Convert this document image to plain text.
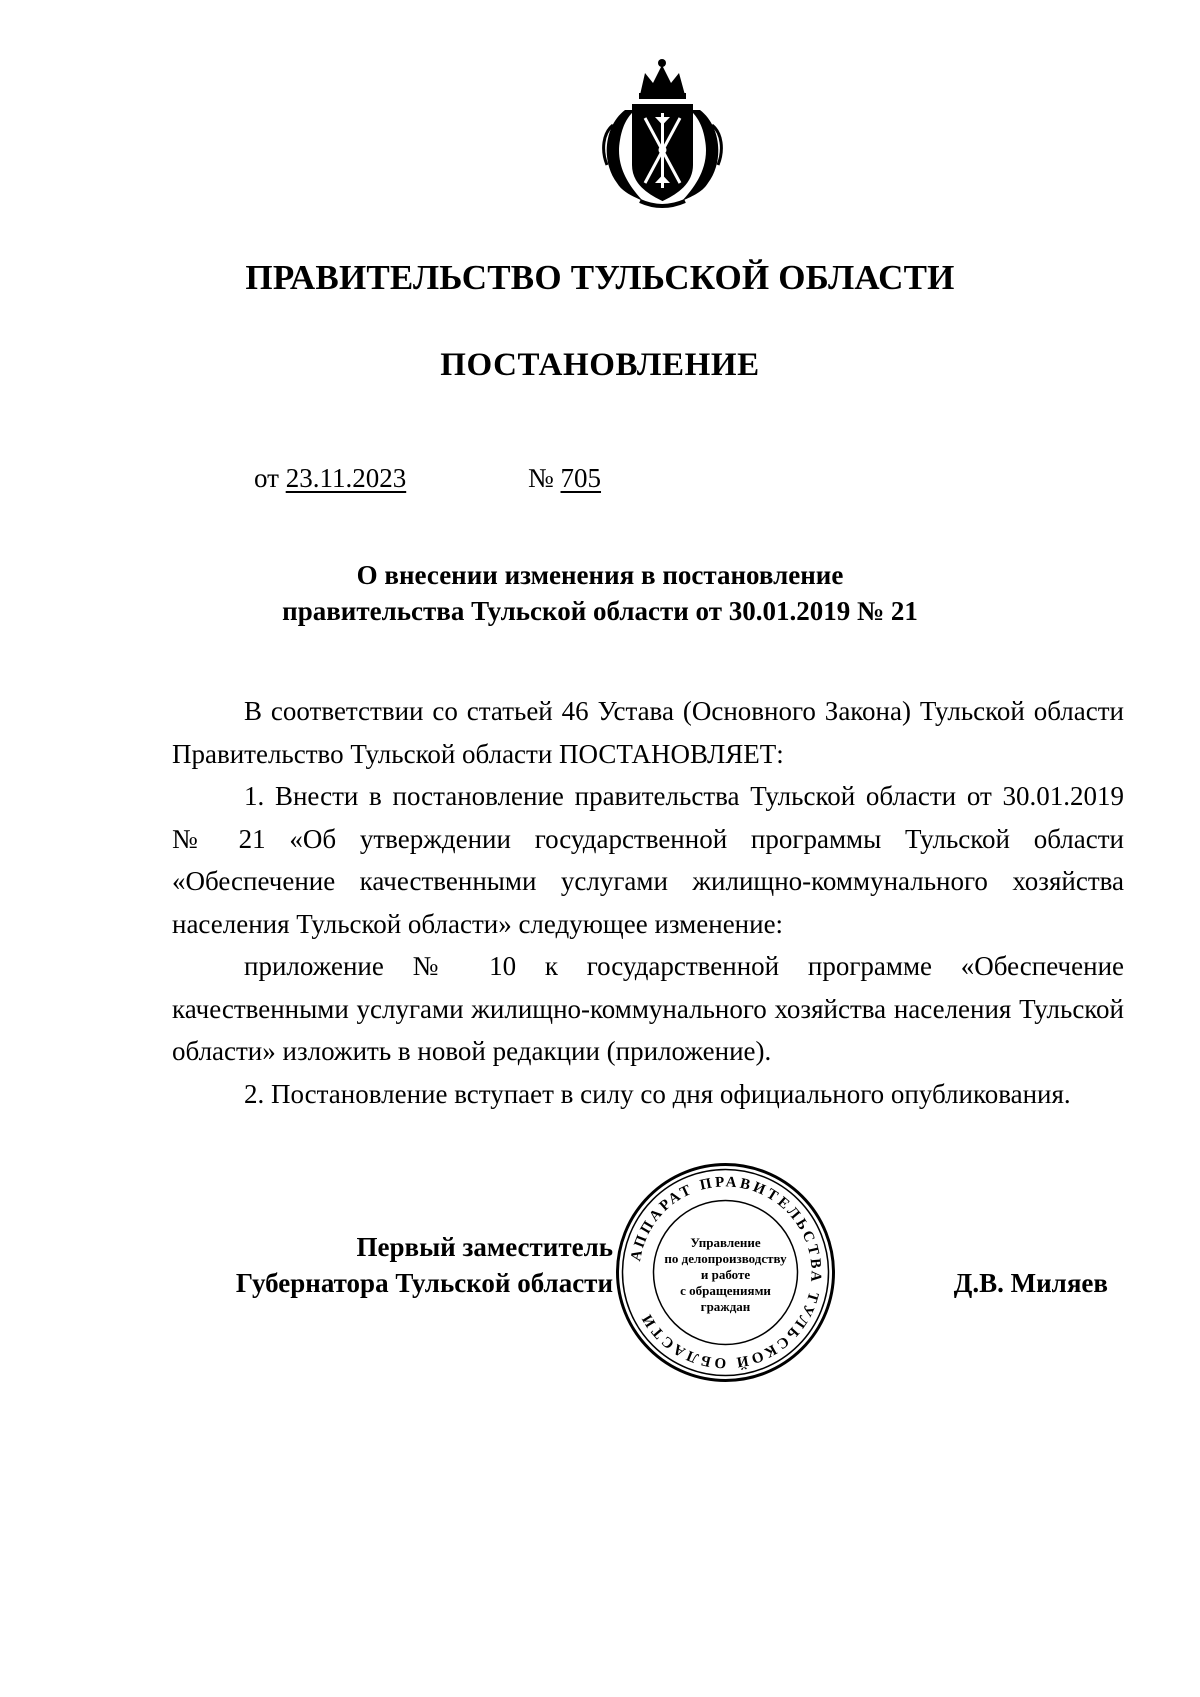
ПРАВИТЕЛЬСТВО ТУЛЬСКОЙ ОБЛАСТИ
ПОСТАНОВЛЕНИЕ
от 23.11.2023	№ 705
О внесении изменения в постановление
правительства Тульской области от 30.01.2019 № 21

В соответствии со статьей 46 Устава (Основного Закона) Тульской области Правительство Тульской области ПОСТАНОВЛЯЕТ:

1. Внести в постановление правительства Тульской области от 30.01.2019 № 21 «Об утверждении государственной программы Тульской области «Обеспечение качественными услугами жилищно-коммунального хозяйства населения Тульской области» следующее изменение:

приложение № 10 к государственной программе «Обеспечение качественными услугами жилищно-коммунального хозяйства населения Тульской области» изложить в новой редакции (приложение).

2. Постановление вступает в силу со дня официального опубликования.

Первый заместитель
Губернатора Тульской области
АППАРАТ ПРАВИТЕЛЬСТВА ТУЛЬСКОЙ ОБЛАСТИ
Управление
по делопроизводству
и работе
с обращениями
граждан
Д.В. Миляев
